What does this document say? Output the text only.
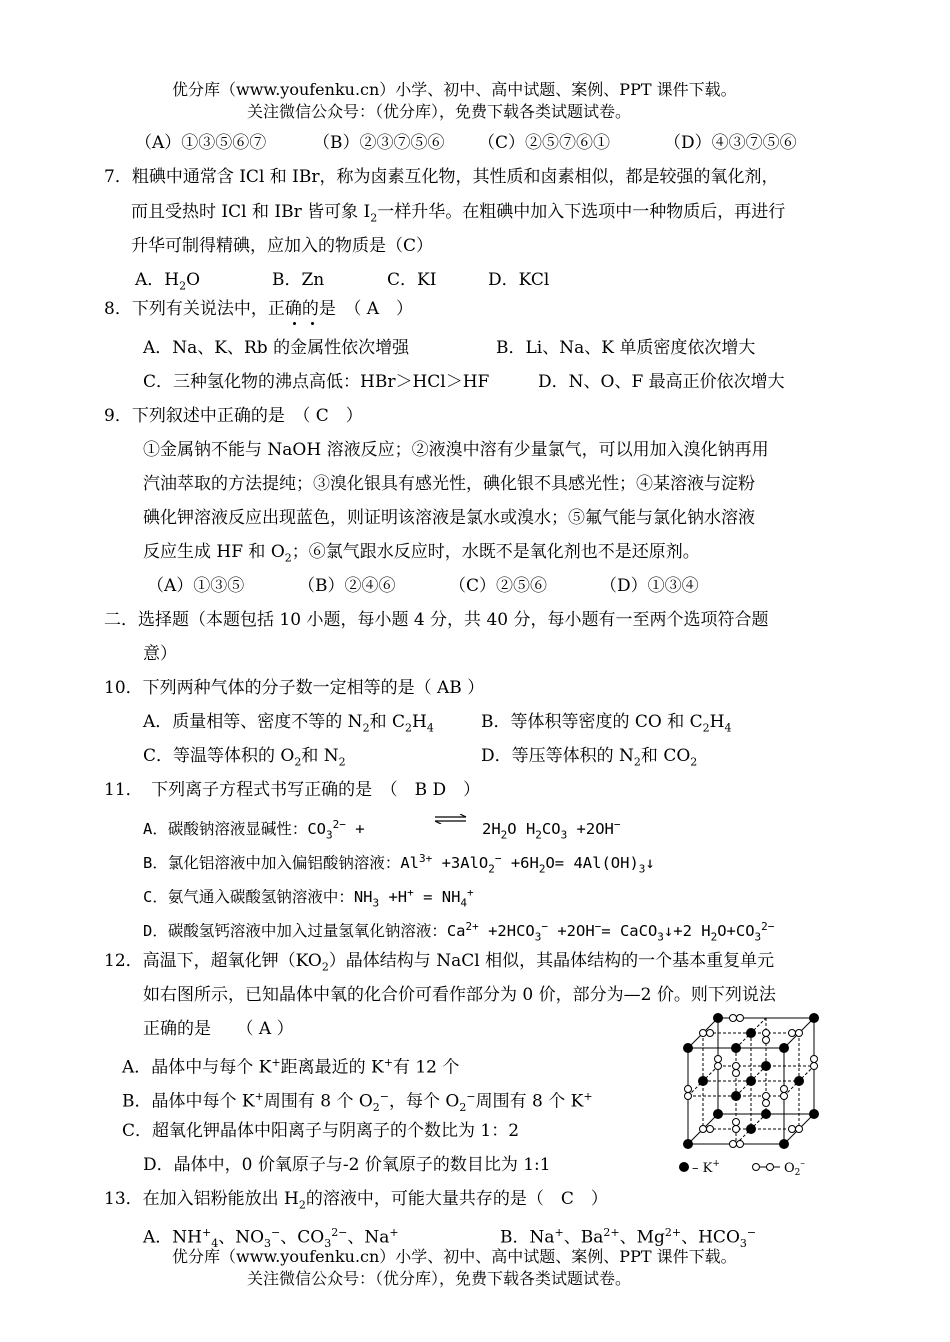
优分库（www.youfenku.cn）小学、初中、高中试题、案例、PPT 课件下载。
关注微信公众号：（优分库），免费下载各类试题试卷。
（A）①③⑤⑥⑦	（B）②③⑦⑤⑥ （C）②⑤⑦⑥①	（D）④③⑦⑤⑥
7．粗碘中通常含 ICl 和 IBr，称为卤素互化物，其性质和卤素相似，都是较强的氧化剂，
而且受热时 ICl 和 IBr 皆可象 $I_2$一样升华。在粗碘中加入下选项中一种物质后，再进行
升华可制得精碘，应加入的物质是（C）
A．$H_2O$	B．Zn	C．KI	D．KCl
8．下列有关说法中，正确的是　（ A　）
A．Na、K、Rb 的金属性依次增强	B．Li、Na、K 单质密度依次增大
C．三种氢化物的沸点高低：HBr＞HCl＞HF	D．N、O、F 最高正价依次增大
9．下列叙述中正确的是　（ C　）
①金属钠不能与 NaOH 溶液反应；②液溴中溶有少量氯气，可以用加入溴化钠再用
汽油萃取的方法提纯；③溴化银具有感光性，碘化银不具感光性；④某溶液与淀粉
碘化钾溶液反应出现蓝色，则证明该溶液是氯水或溴水；⑤氟气能与氯化钠水溶液
反应生成 HF 和 $O_2$；⑥氯气跟水反应时，水既不是氧化剂也不是还原剂。
（A）①③⑤	（B）②④⑥	（C）②⑤⑥	（D）①③④
二．选择题（本题包括 10 小题，每小题 4 分，共 40 分，每小题有一至两个选项符合题
意）
10．下列两种气体的分子数一定相等的是（ AB ）
A．质量相等、密度不等的 $N_2$和 $C_2H_4$	B．等体积等密度的 CO 和 $C_2H_4$
C．等温等体积的 $O_2$和 $N_2$	D．等压等体积的 $N_2$和 $CO_2$
11．　下列离子方程式书写正确的是　（　B D　）
A．碳酸钠溶液显碱性：$CO_3^{2-}$ +	$2H_2O$ $H_2CO_3 +2OH^-$
B．氯化铝溶液中加入偏铝酸钠溶液：$Al^{3+} +3AlO_2^- +6H_2O=$ $4Al(OH)_3↓$
C．氨气通入碳酸氢钠溶液中：$NH_3 +H^+ = NH_4^+$
D．碳酸氢钙溶液中加入过量氢氧化钠溶液：$Ca^{2+} +2HCO_3^- +2OH^-=$ CaCO$_3$↓+2 $H_2O+CO_3^{2-}$
12．高温下，超氧化钾$(KO_2)$晶体结构与 NaCl 相似，其晶体结构的一个基本重复单元
如右图所示，已知晶体中氧的化合价可看作部分为 0 价，部分为—2 价。则下列说法
正确的是　　（ A ）
A．晶体中与每个 K+距离最近的 K+有 12 个
B．晶体中每个 K+周围有 8 个 $O_2^-$，每个 $O_2^-$周围有 8 个 K+
C．超氧化钾晶体中阳离子与阴离子的个数比为 1：2
D．晶体中，0 价氧原子与-2 价氧原子的数目比为 1:1	– K+	$O_2^-$
13．在加入铝粉能放出 $H_2$的溶液中，可能大量共存的是（　C　）
A．$NH^+_4$、$NO_3^-$、$CO_3^{2-}$、Na+	B．Na+、$Ba^{2+}$、$Mg^{2+}$、$HCO_3^-$
优分库（www.youfenku.cn）小学、初中、高中试题、案例、PPT 课件下载。
关注微信公众号：（优分库），免费下载各类试题试卷。
